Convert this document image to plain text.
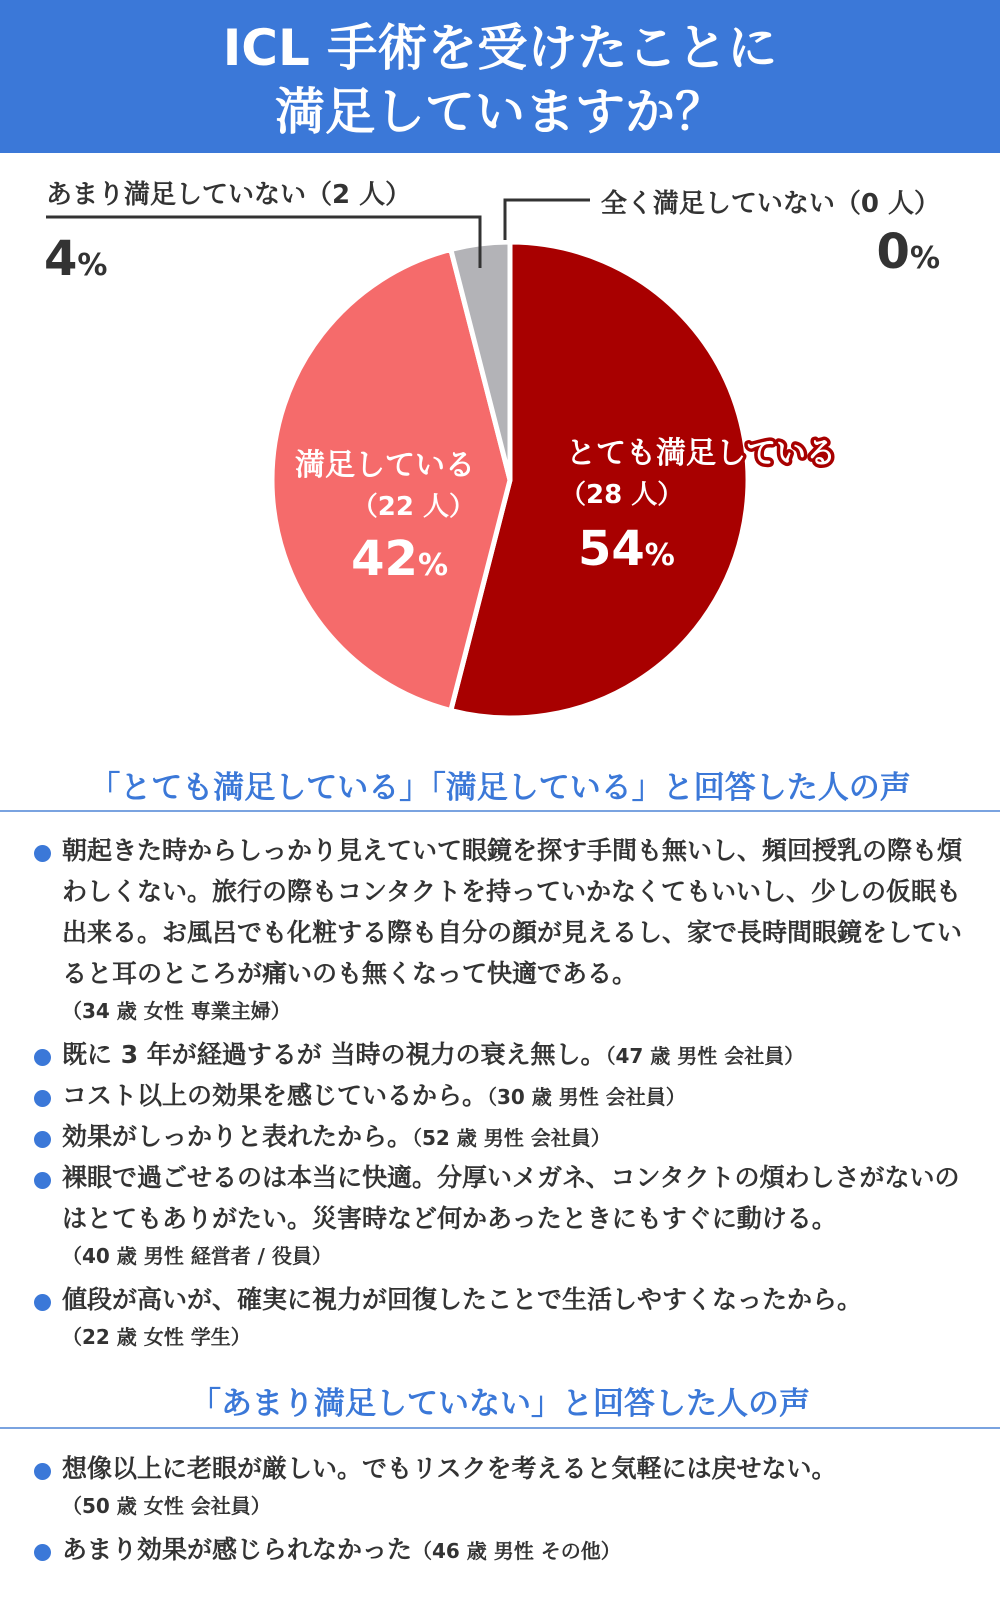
ICL 手術を受けたことに
満足していますか？
とても満足している
（28 人）
54%
満足している
（22 人）
42%
あまり満足していない（2 人）
4%
全く満足していない（0 人）
0%
「とても満足している」「満足している」と回答した人の声
朝起きた時からしっかり見えていて眼鏡を探す手間も無いし、頻回授乳の際も煩わしくない。旅行の際もコンタクトを持っていかなくてもいいし、少しの仮眠も出来る。お風呂でも化粧する際も自分の顔が見えるし、家で長時間眼鏡をしていると耳のところが痛いのも無くなって快適である。
（34 歳 女性 専業主婦）
既に 3 年が経過するが 当時の視力の衰え無し。（47 歳 男性 会社員）
コスト以上の効果を感じているから。（30 歳 男性 会社員）
効果がしっかりと表れたから。（52 歳 男性 会社員）
裸眼で過ごせるのは本当に快適。分厚いメガネ、コンタクトの煩わしさがないのはとてもありがたい。災害時など何かあったときにもすぐに動ける。
（40 歳 男性 経営者 / 役員）
値段が高いが、確実に視力が回復したことで生活しやすくなったから。
（22 歳 女性 学生）
「あまり満足していない」と回答した人の声
想像以上に老眼が厳しい。でもリスクを考えると気軽には戻せない。
（50 歳 女性 会社員）
あまり効果が感じられなかった（46 歳 男性 その他）
